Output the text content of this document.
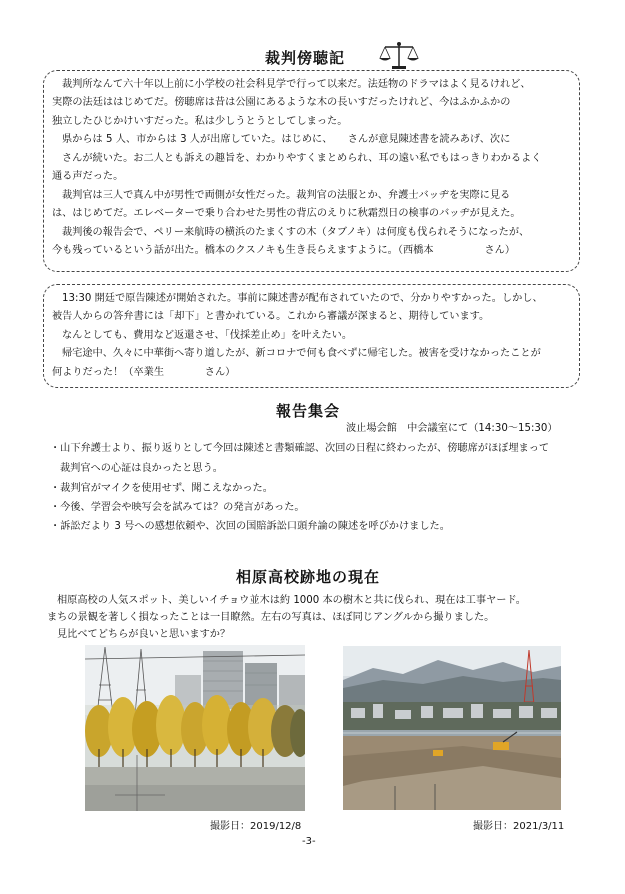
裁判傍聴記
裁判所なんて六十年以上前に小学校の社会科見学で行って以来だ。法廷物のドラマはよく見るけれど、
実際の法廷ははじめてだ。傍聴席は昔は公園にあるような木の長いすだったけれど、今はふかふかの
独立したひじかけいすだった。私は少しうとうとしてしまった。
県からは 5 人、市からは 3 人が出席していた。はじめに、　　さんが意見陳述書を読みあげ、次に
さんが続いた。お二人とも訴えの趣旨を、わかりやすくまとめられ、耳の遠い私でもはっきりわかるよく
通る声だった。
裁判官は三人で真ん中が男性で両側が女性だった。裁判官の法服とか、弁護士バッヂを実際に見る
は、はじめてだ。エレベーターで乗り合わせた男性の背広のえりに秋霜烈日の検事のバッヂが見えた。
裁判後の報告会で、ペリー来航時の横浜のたまくすの木（タブノキ）は何度も伐られそうになったが、
今も残っているという話が出た。橋本のクスノキも生き長らえますように。（西橋本　　　　　さん）
13:30 開廷で原告陳述が開始された。事前に陳述書が配布されていたので、分かりやすかった。しかし、
被告人からの答弁書には「却下」と書かれている。これから審議が深まると、期待しています。
なんとしても、費用など返還させ、「伐採差止め」を叶えたい。
帰宅途中、久々に中華街へ寄り道したが、新コロナで何も食べずに帰宅した。被害を受けなかったことが
何よりだった！（卒業生　　　　さん）
報告集会
波止場会館　中会議室にて（14:30～15:30）
・山下弁護士より、振り返りとして今回は陳述と書類確認、次回の日程に終わったが、傍聴席がほぼ埋まって
裁判官への心証は良かったと思う。
・裁判官がマイクを使用せず、聞こえなかった。
・今後、学習会や映写会を試みては？の発言があった。
・訴訟だより 3 号への感想依頼や、次回の国賠訴訟口頭弁論の陳述を呼びかけました。
相原高校跡地の現在
相原高校の人気スポット、美しいイチョウ並木は約 1000 本の樹木と共に伐られ、現在は工事ヤード。
まちの景観を著しく損なったことは一目瞭然。左右の写真は、ほぼ同じアングルから撮りました。
見比べてどちらが良いと思いますか？
撮影日：2019/12/8	撮影日：2021/3/11
-3-
